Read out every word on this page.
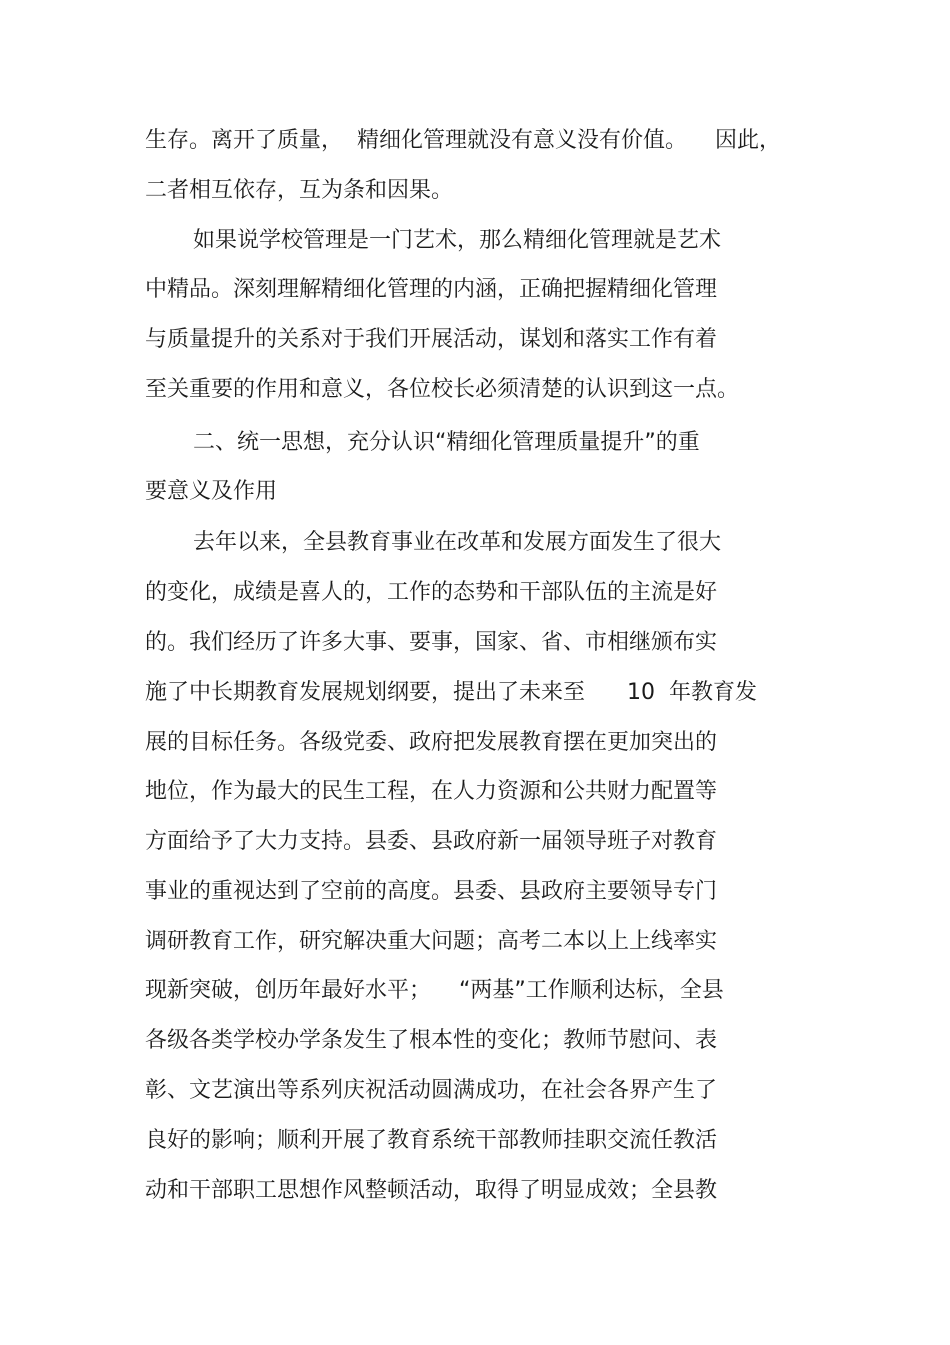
生存。离开了质量，  精细化管理就没有意义没有价值。    因此，
二者相互依存，互为条和因果。
如果说学校管理是一门艺术，那么精细化管理就是艺术
中精品。深刻理解精细化管理的内涵，正确把握精细化管理
与质量提升的关系对于我们开展活动，谋划和落实工作有着
至关重要的作用和意义，各位校长必须清楚的认识到这一点。
二、统一思想，充分认识“精细化管理质量提升”的重
要意义及作用
去年以来，全县教育事业在改革和发展方面发生了很大
的变化，成绩是喜人的，工作的态势和干部队伍的主流是好
的。我们经历了许多大事、要事，国家、省、市相继颁布实
施了中长期教育发展规划纲要，提出了未来至      10  年教育发
展的目标任务。各级党委、政府把发展教育摆在更加突出的
地位，作为最大的民生工程，在人力资源和公共财力配置等
方面给予了大力支持。县委、县政府新一届领导班子对教育
事业的重视达到了空前的高度。县委、县政府主要领导专门
调研教育工作，研究解决重大问题；高考二本以上上线率实
现新突破，创历年最好水平；    “两基”工作顺利达标，全县
各级各类学校办学条发生了根本性的变化；教师节慰问、表
彰、文艺演出等系列庆祝活动圆满成功，在社会各界产生了
良好的影响；顺利开展了教育系统干部教师挂职交流任教活
动和干部职工思想作风整顿活动，取得了明显成效；全县教
